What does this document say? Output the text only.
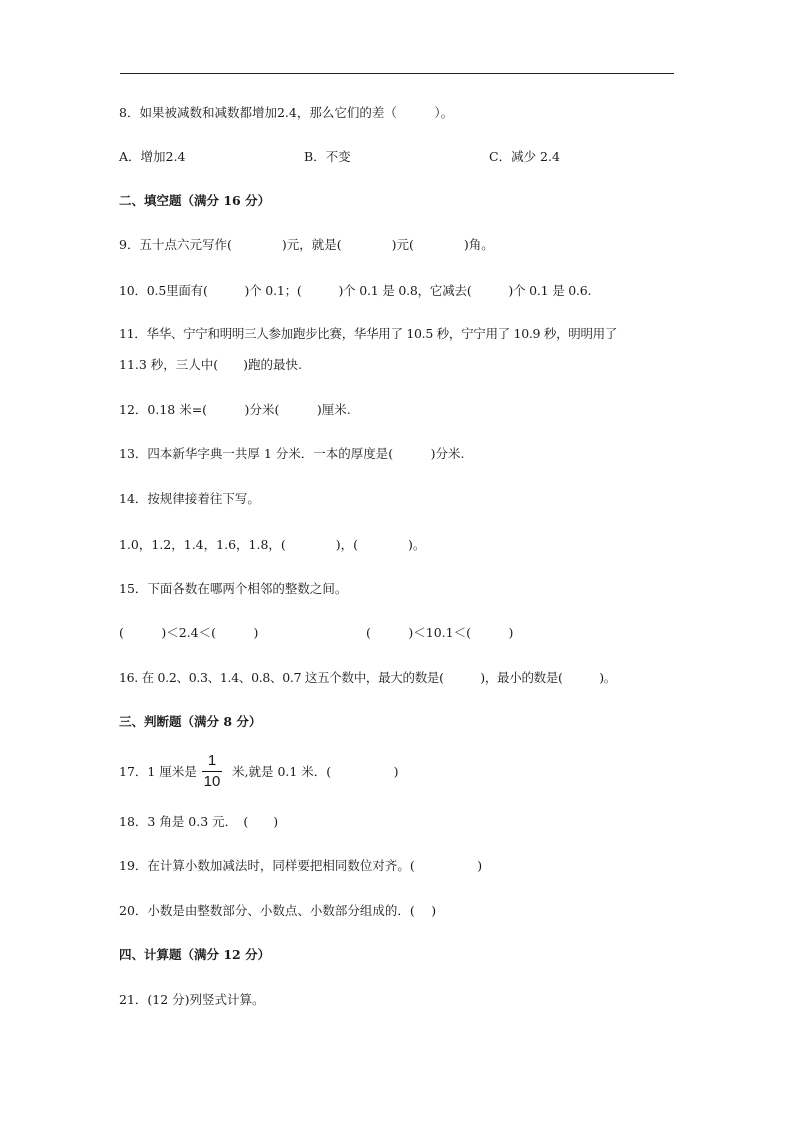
8．如果被减数和减数都增加2.4，那么它们的差（　　　）。
A．增加2.4	B．不变	C．减少 2.4
二、填空题（满分 16 分）
9．五十点六元写作(　　　　)元，就是(　　　　)元(　　　　)角。
10．0.5里面有(　　　)个 0.1；(　　　)个 0.1 是 0.8，它减去(　　　)个 0.1 是 0.6.
11．华华、宁宁和明明三人参加跑步比赛，华华用了 10.5 秒，宁宁用了 10.9 秒，明明用了
11.3 秒，三人中(　　)跑的最快.
12．0.18 米=(　　　)分米(　　　)厘米.
13．四本新华字典一共厚 1 分米．一本的厚度是(　　　)分米.
14．按规律接着往下写。
1.0，1.2，1.4，1.6，1.8，(　　　　)，(　　　　)。
15．下面各数在哪两个相邻的整数之间。
(　　　)＜2.4＜(　　　)	(　　　)＜10.1＜(　　　)
16. 在 0.2、0.3、1.4、0.8、0.7 这五个数中，最大的数是(　　　)，最小的数是(　　　)。
三、判断题（满分 8 分）
17．1 厘米是
1
10
米,就是 0.1 米．(　　　　　)
18．3 角是 0.3 元．　(　　)
19．在计算小数加减法时，同样要把相同数位对齐。(　　　　　)
20．小数是由整数部分、小数点、小数部分组成的．(　 )
四、计算题（满分 12 分）
21．(12 分)列竖式计算。
